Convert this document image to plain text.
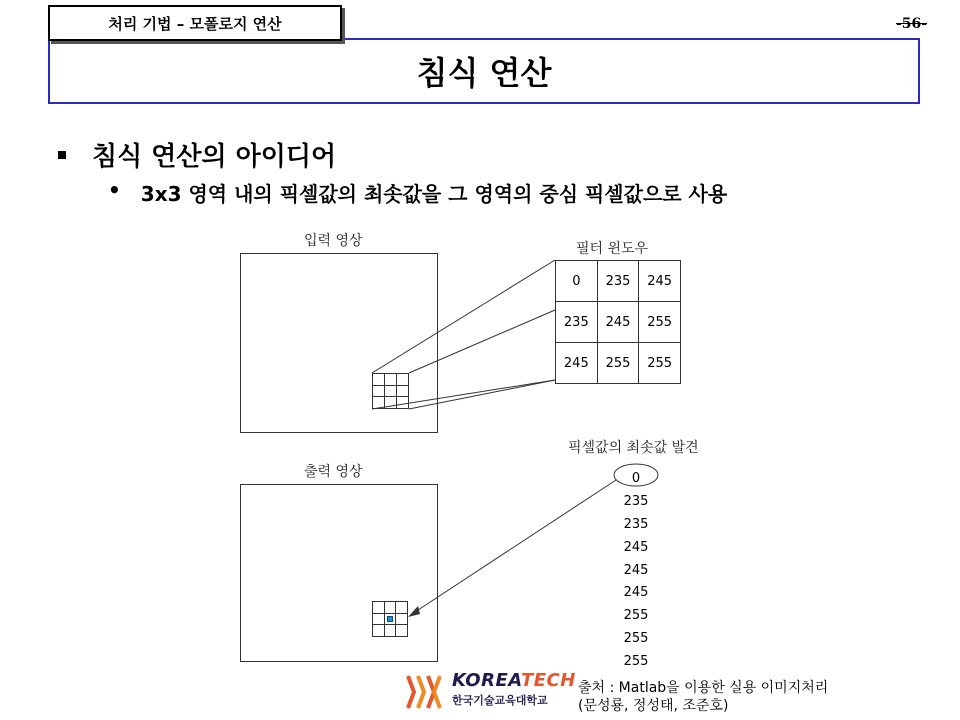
처리 기법 – 모폴로지 연산	-56-
침식 연산
침식 연산의 아이디어
• 3x3 영역 내의 픽셀값의 최솟값을 그 영역의 중심 픽셀값으로 사용
입력 영상	필터 윈도우
0	235	245
235	245	255
245	255	255
픽셀값의 최솟값 발견
0
235
235
245
245
245
255
255
255
출력 영상
KOREATECH
한국기술교육대학교
출처 : Matlab을 이용한 실용 이미지처리
(문성룡, 정성태, 조준호)
